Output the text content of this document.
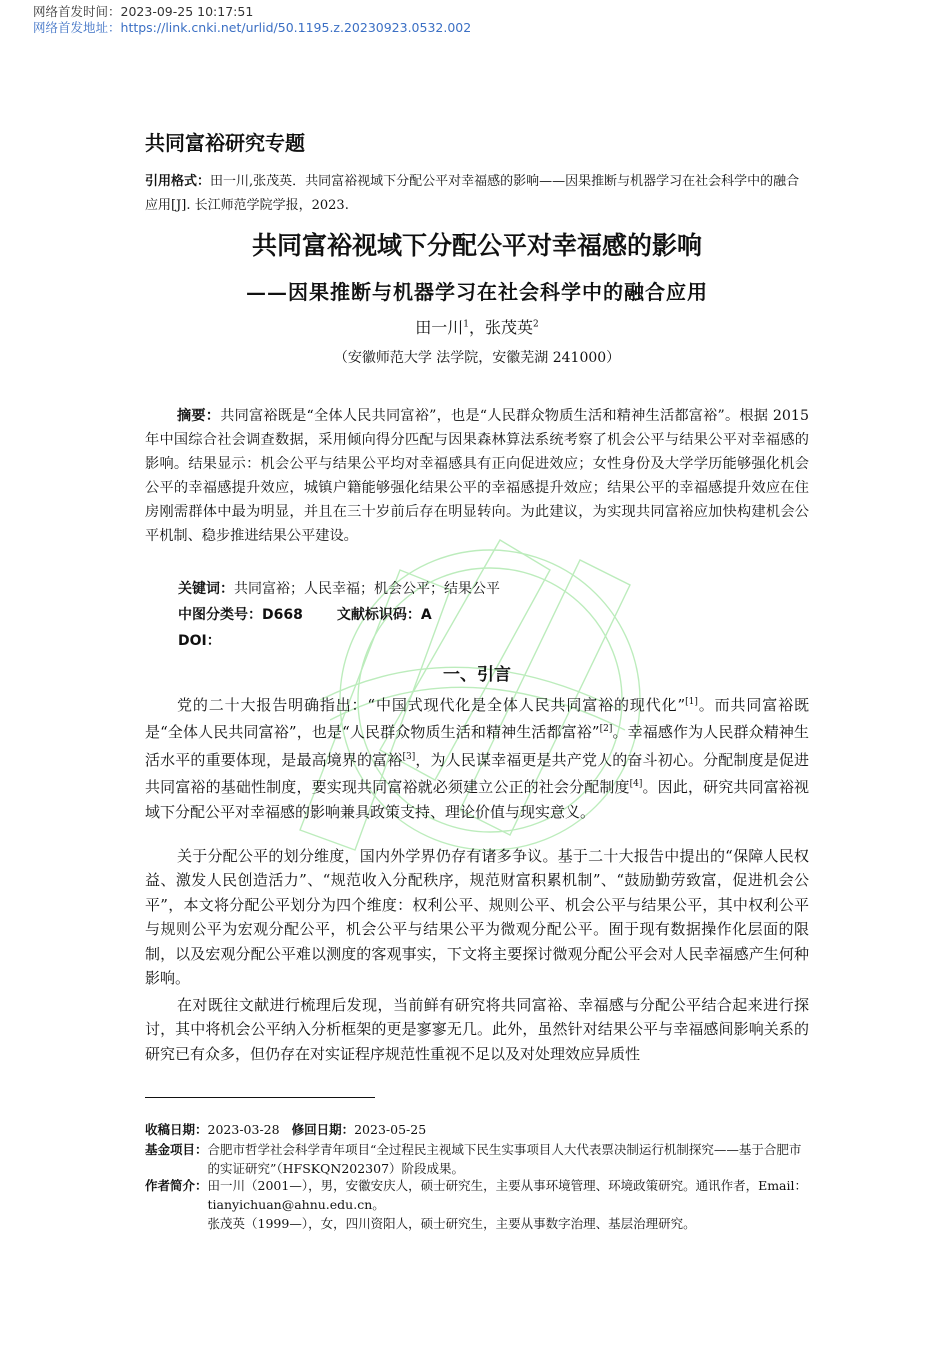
网络首发时间：2023-09-25 10:17:51
网络首发地址：https://link.cnki.net/urlid/50.1195.z.20230923.0532.002
共同富裕研究专题
引用格式：田一川,张茂英．共同富裕视域下分配公平对幸福感的影响——因果推断与机器学习在社会科学中的融合应用[J]. 长江师范学院学报，2023.
共同富裕视域下分配公平对幸福感的影响
——因果推断与机器学习在社会科学中的融合应用
田一川$^1$，张茂英$^2$
（安徽师范大学 法学院，安徽芜湖 241000）
摘要：共同富裕既是“全体人民共同富裕”，也是“人民群众物质生活和精神生活都富裕”。根据 2015 年中国综合社会调查数据，采用倾向得分匹配与因果森林算法系统考察了机会公平与结果公平对幸福感的影响。结果显示：机会公平与结果公平均对幸福感具有正向促进效应；女性身份及大学学历能够强化机会公平的幸福感提升效应，城镇户籍能够强化结果公平的幸福感提升效应；结果公平的幸福感提升效应在住房刚需群体中最为明显，并且在三十岁前后存在明显转向。为此建议，为实现共同富裕应加快构建机会公平机制、稳步推进结果公平建设。
关键词：共同富裕；人民幸福；机会公平；结果公平
中图分类号：D668 文献标识码：A
DOI：
一、引言
党的二十大报告明确指出：“中国式现代化是全体人民共同富裕的现代化”[1]。而共同富裕既是“全体人民共同富裕”，也是“人民群众物质生活和精神生活都富裕”[2]。幸福感作为人民群众精神生活水平的重要体现，是最高境界的富裕[3]，为人民谋幸福更是共产党人的奋斗初心。分配制度是促进共同富裕的基础性制度，要实现共同富裕就必须建立公正的社会分配制度[4]。因此，研究共同富裕视域下分配公平对幸福感的影响兼具政策支持、理论价值与现实意义。
关于分配公平的划分维度，国内外学界仍存有诸多争议。基于二十大报告中提出的“保障人民权益、激发人民创造活力”、“规范收入分配秩序，规范财富积累机制”、“鼓励勤劳致富，促进机会公平”，本文将分配公平划分为四个维度：权利公平、规则公平、机会公平与结果公平，其中权利公平与规则公平为宏观分配公平，机会公平与结果公平为微观分配公平。囿于现有数据操作化层面的限制，以及宏观分配公平难以测度的客观事实，下文将主要探讨微观分配公平会对人民幸福感产生何种影响。
在对既往文献进行梳理后发现，当前鲜有研究将共同富裕、幸福感与分配公平结合起来进行探讨，其中将机会公平纳入分析框架的更是寥寥无几。此外，虽然针对结果公平与幸福感间影响关系的研究已有众多，但仍存在对实证程序规范性重视不足以及对处理效应异质性
收稿日期：2023-03-28 修回日期：2023-05-25
基金项目： 合肥市哲学社会科学青年项目“全过程民主视域下民生实事项目人大代表票决制运行机制探究——基于合肥市的实证研究”（HFSKQN202307）阶段成果。
作者简介： 田一川（2001—），男，安徽安庆人，硕士研究生，主要从事环境管理、环境政策研究。通讯作者，Email：tianyichuan@ahnu.edu.cn。
张茂英（1999—），女，四川资阳人，硕士研究生，主要从事数字治理、基层治理研究。
